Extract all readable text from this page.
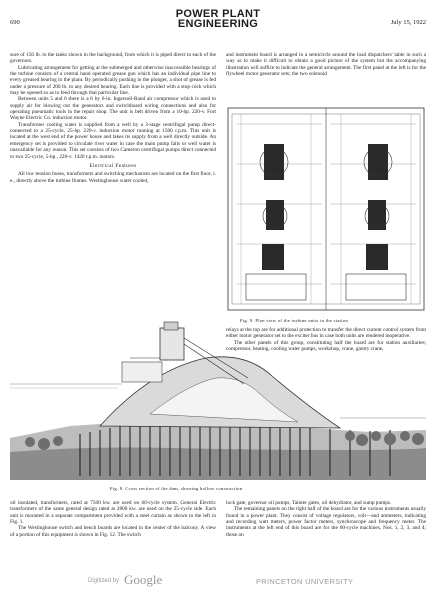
690
POWER PLANT
ENGINEERING	July 15, 1922

sure of 150 lb. to the tanks shown in the background, from which it is piped direct to each of the governors.

Lubricating arrangement for getting at the submerged and otherwise inaccessible bearings of the turbine consists of a central hand operated grease gun which has an individual pipe line to every greased bearing in the plant. By periodically pushing in the plunger, a shot of grease is fed under a pressure of 200 lb. to any desired bearing. Each line is provided with a stop cock which may be opened so as to feed through that particular line.

Between units 5 and 6 there is a 6 by 6-in. Ingersoll-Rand air compressor which is used to supply air for blowing out the generators and switchboard wiring connections and also for operating pneumatic tools in the repair shop. The unit is belt driven from a 10-hp. 220-v. Fort Wayne Electric Co. induction motor.

Transformer cooling water is supplied from a well by a 3-stage centrifugal pump direct-connected to a 25-cycle, 25-hp. 220-v. induction motor running at 1500 r.p.m. This unit is located at the west end of the power house and takes its supply from a well directly outside. An emergency set is provided to circulate river water in case the main pump fails or well water is unavailable for any reason. This set consists of two Cameron centrifugal pumps direct connected to two 25-cycle, 5-hp., 220-v. 1420 r.p.m. motors.

Electrical Features

All low tension buses, transformers and switching mechanism are located on the first floor, i. e., directly above the turbine flumes. Westinghouse water cooled,

and instrument board is arranged in a semicircle around the load dispatchers' table in such a way as to make it difficult to obtain a good picture of the system but the accompanying illustration will suffice to indicate the general arrangement. The first panel at the left is for the flywheel motor generator sets; the two solenoid

Fig. 9. Plan view of the turbine units in the station

relays at the top are for additional protection to transfer the direct current control system from either motor generator set to the exciter bus in case both units are rendered inoperative.

The other panels of this group, constituting half the board are for station auxiliaries; compressor, heating, cooling water pumps, workshop, crane, gantry crane,

Fig. 8. Cross section of the dam, showing hollow construction

oil insulated, transformers, rated at 7500 kw. are used on 60-cycle system. General Electric transformers of the same general design rated at 2800 kw. are used on the 25-cycle side. Each unit is mounted in a separate compartment provided with a steel curtain as shown to the left in Fig. 1.

The Westinghouse switch and bench boards are located in the center of the balcony. A view of a portion of this equipment is shown in Fig. 12. The switch

lock gate, governor oil pumps, Tainter gates, oil dehydrator, and sump pumps.

The remaining panels on the right half of the board are for the various instruments usually found in a power plant. They consist of voltage regulators, volt—and ammeters, indicating and recording watt meters, power factor meters, synchroscope and frequency meter. The instruments at the left end of this board are for the 60-cycle machines, Nos. 1, 2, 3, and 4; those on

Digitized by Google	PRINCETON UNIVERSITY
